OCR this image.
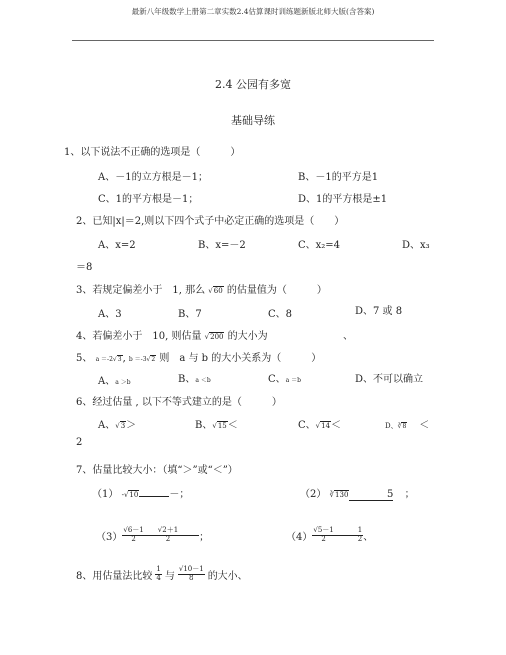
最新八年级数学上册第二章实数2.4估算课时训练题新版北师大版(含答案)
2.4 公园有多宽
基础导练
1、以下说法不正确的选项是（　　　）
A、－1的立方根是－1；	B、－1的平方是1
C、1的平方根是－1；	D、1的平方根是±1
2、已知|x|＝2,则以下四个式子中必定正确的选项是（　　）
A、x=2	B、x=－2	C、x₂=4	D、x₃
＝8
3、若规定偏差小于　1, 那么 √60 的估量值为（　　　）
A、3	B、7	C、8	D、7 或 8
4、若偏差小于　10, 则估量 √200 的大小为	、
5、 a ＝-2√3, b ＝-3√2 则　a 与 b 的大小关系为（　　　）
A、a ＞b	B、a ＜b	C、a ＝b	D、不可以确立
6、经过估量 , 以下不等式建立的是（　　　）
A、√3＞	B、√15＜	C、√14＜	D、∛8 ＜
2
7、估量比较大小：（填“＞”或“＜”）
（1） -√10	－；	（2） ∛130	5 ；
$(3) \frac{√6-1}{2} \frac{√2+1}{2}$ ；	$(4) \frac{√5-1}{2}$	$\frac{1}{2}$ 、
8、用估量法比较 $\frac{1}{4}$ 与 $\frac{√10-1}{8}$ 的大小、
